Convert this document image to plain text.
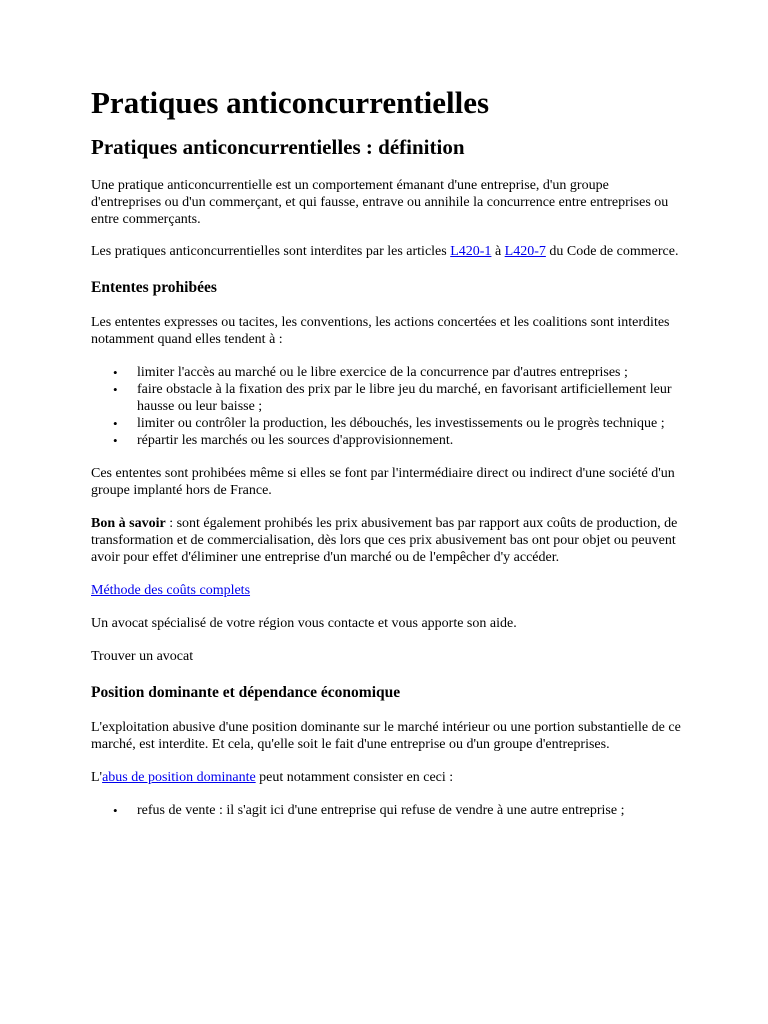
Pratiques anticoncurrentielles
Pratiques anticoncurrentielles : définition

Une pratique anticoncurrentielle est un comportement émanant d'une entreprise, d'un groupe d'entreprises ou d'un commerçant, et qui fausse, entrave ou annihile la concurrence entre entreprises ou entre commerçants.

Les pratiques anticoncurrentielles sont interdites par les articles L420-1 à L420-7 du Code de commerce.

Ententes prohibées

Les ententes expresses ou tacites, les conventions, les actions concertées et les coalitions sont interdites notamment quand elles tendent à :

• limiter l'accès au marché ou le libre exercice de la concurrence par d'autres entreprises ;
• faire obstacle à la fixation des prix par le libre jeu du marché, en favorisant artificiellement leur hausse ou leur baisse ;
• limiter ou contrôler la production, les débouchés, les investissements ou le progrès technique ;
• répartir les marchés ou les sources d'approvisionnement.

Ces ententes sont prohibées même si elles se font par l'intermédiaire direct ou indirect d'une société d'un groupe implanté hors de France.

Bon à savoir : sont également prohibés les prix abusivement bas par rapport aux coûts de production, de transformation et de commercialisation, dès lors que ces prix abusivement bas ont pour objet ou peuvent avoir pour effet d'éliminer une entreprise d'un marché ou de l'empêcher d'y accéder.

Méthode des coûts complets

Un avocat spécialisé de votre région vous contacte et vous apporte son aide.

Trouver un avocat

Position dominante et dépendance économique

L'exploitation abusive d'une position dominante sur le marché intérieur ou une portion substantielle de ce marché, est interdite. Et cela, qu'elle soit le fait d'une entreprise ou d'un groupe d'entreprises.

L'abus de position dominante peut notamment consister en ceci :

• refus de vente : il s'agit ici d'une entreprise qui refuse de vendre à une autre entreprise ;
